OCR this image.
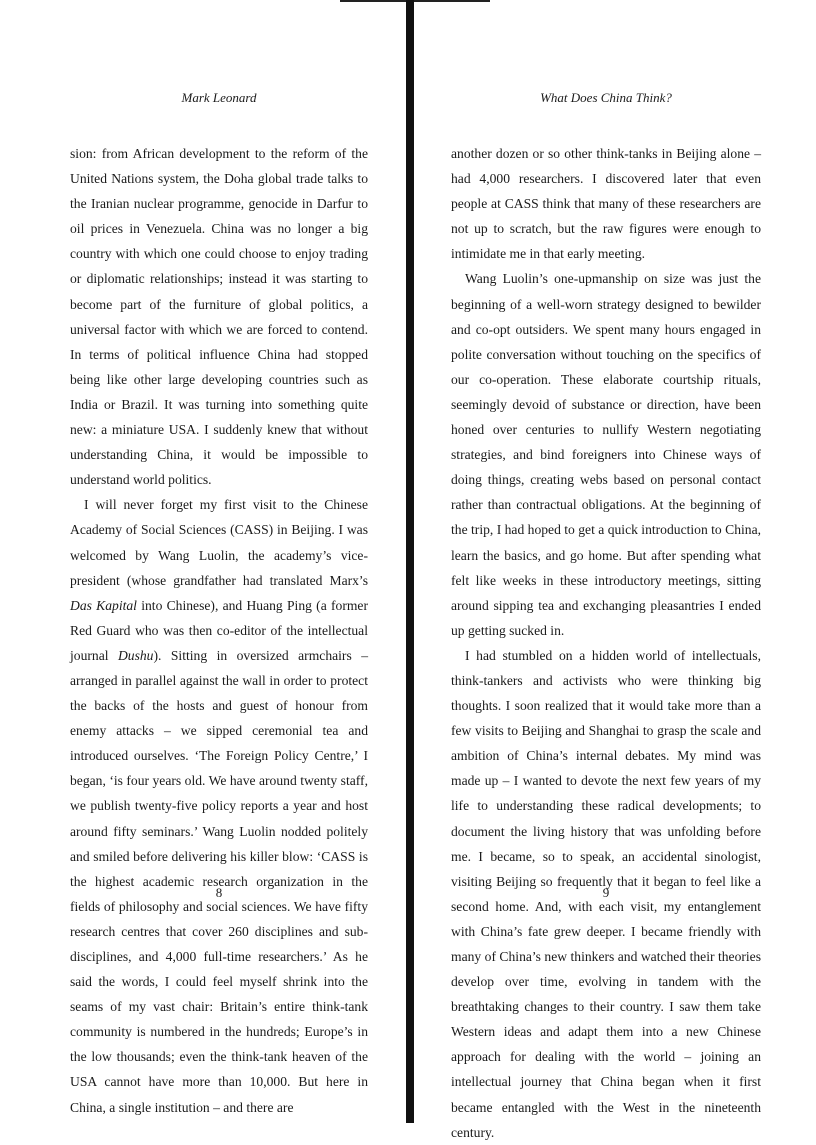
Mark Leonard

sion: from African development to the reform of the United Nations system, the Doha global trade talks to the Iranian nuclear programme, genocide in Darfur to oil prices in Venezuela. China was no longer a big country with which one could choose to enjoy trading or diplomatic relationships; instead it was starting to become part of the furniture of global politics, a universal factor with which we are forced to contend. In terms of political influence China had stopped being like other large developing countries such as India or Brazil. It was turning into something quite new: a miniature USA. I suddenly knew that without understanding China, it would be impossible to understand world politics.

I will never forget my first visit to the Chinese Academy of Social Sciences (CASS) in Beijing. I was welcomed by Wang Luolin, the academy’s vice-president (whose grandfather had translated Marx’s Das Kapital into Chinese), and Huang Ping (a former Red Guard who was then co-editor of the intellectual journal Dushu). Sitting in oversized armchairs – arranged in parallel against the wall in order to protect the backs of the hosts and guest of honour from enemy attacks – we sipped ceremonial tea and introduced ourselves. ‘The Foreign Policy Centre,’ I began, ‘is four years old. We have around twenty staff, we publish twenty-five policy reports a year and host around fifty seminars.’ Wang Luolin nodded politely and smiled before delivering his killer blow: ‘CASS is the highest academic research organization in the fields of philosophy and social sciences. We have fifty research centres that cover 260 disciplines and sub-disciplines, and 4,000 full-time researchers.’ As he said the words, I could feel myself shrink into the seams of my vast chair: Britain’s entire think-tank community is numbered in the hundreds; Europe’s in the low thousands; even the think-tank heaven of the USA cannot have more than 10,000. But here in China, a single institution – and there are

8
What Does China Think?

another dozen or so other think-tanks in Beijing alone – had 4,000 researchers. I discovered later that even people at CASS think that many of these researchers are not up to scratch, but the raw figures were enough to intimidate me in that early meeting.

Wang Luolin’s one-upmanship on size was just the beginning of a well-worn strategy designed to bewilder and co-opt outsiders. We spent many hours engaged in polite conversation without touching on the specifics of our co-operation. These elaborate courtship rituals, seemingly devoid of substance or direction, have been honed over centuries to nullify Western negotiating strategies, and bind foreigners into Chinese ways of doing things, creating webs based on personal contact rather than contractual obligations. At the beginning of the trip, I had hoped to get a quick introduction to China, learn the basics, and go home. But after spending what felt like weeks in these introductory meetings, sitting around sipping tea and exchanging pleasantries I ended up getting sucked in.

I had stumbled on a hidden world of intellectuals, think-tankers and activists who were thinking big thoughts. I soon realized that it would take more than a few visits to Beijing and Shanghai to grasp the scale and ambition of China’s internal debates. My mind was made up – I wanted to devote the next few years of my life to understanding these radical developments; to document the living history that was unfolding before me. I became, so to speak, an accidental sinologist, visiting Beijing so frequently that it began to feel like a second home. And, with each visit, my entanglement with China’s fate grew deeper. I became friendly with many of China’s new thinkers and watched their theories develop over time, evolving in tandem with the breathtaking changes to their country. I saw them take Western ideas and adapt them into a new Chinese approach for dealing with the world – joining an intellectual journey that China began when it first became entangled with the West in the nineteenth century.

9
